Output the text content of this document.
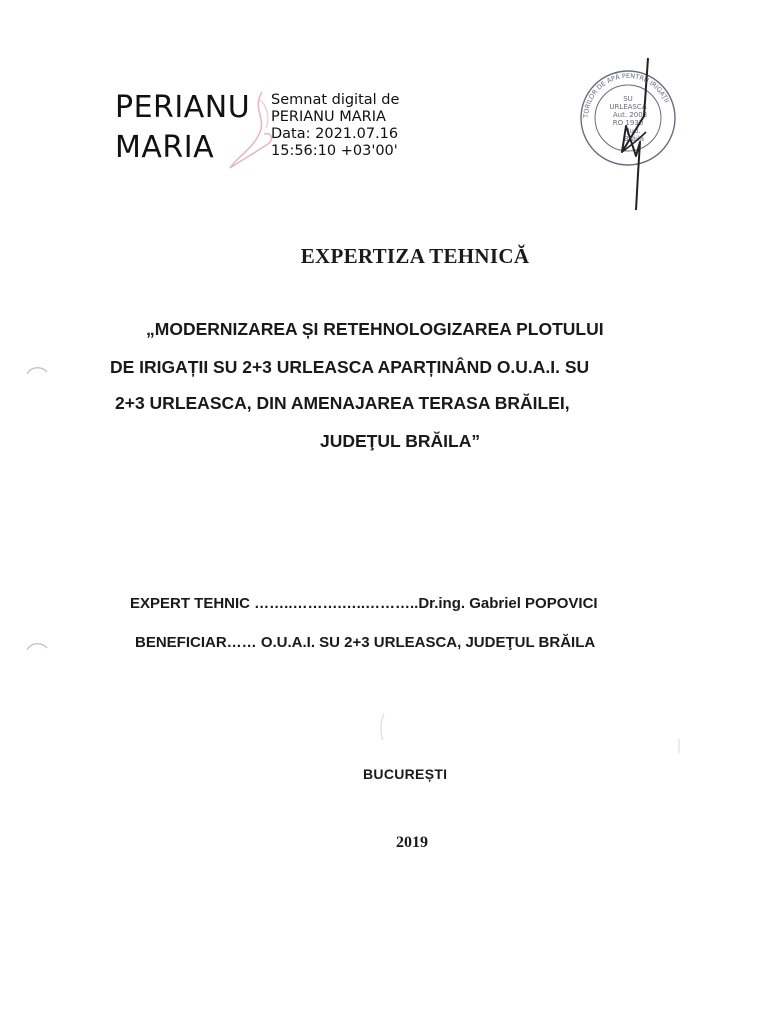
PERIANU
MARIA
Semnat digital de
PERIANU MARIA
Data: 2021.07.16
15:56:10 +03'00'
TORILOR DE APĂ PENTRU IRIGAŢII
SU
URLEASCA
Aut. 2008
RO 1930
Jud.
Brăila
EXPERTIZA TEHNICĂ
„MODERNIZAREA ȘI RETEHNOLOGIZAREA PLOTULUI
DE IRIGAȚII SU 2+3 URLEASCA APARȚINÂND O.U.A.I. SU
2+3 URLEASCA, DIN AMENAJAREA TERASA BRĂILEI,
JUDEŢUL BRĂILA”
EXPERT TEHNIC ……..……….…..………..Dr.ing. Gabriel POPOVICI
BENEFICIAR…… O.U.A.I. SU 2+3 URLEASCA, JUDEŢUL BRĂILA
BUCUREȘTI
2019
